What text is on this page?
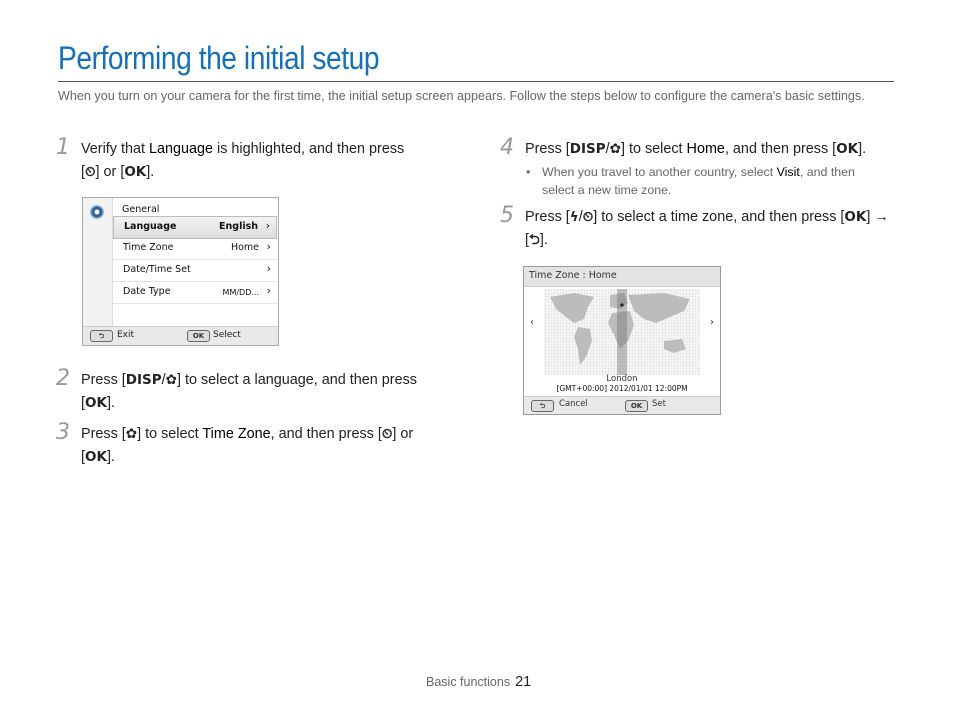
Performing the initial setup

When you turn on your camera for the first time, the initial setup screen appears. Follow the steps below to configure the camera's basic settings.

1 Verify that Language is highlighted, and then press [⏲] or [OK].
General
Language	English ›
Time Zone	Home ›
Date/Time Set	›
Date Type	MM/DD... ›
⮌	Exit	OK Select
2 Press [DISP/✿] to select a language, and then press [OK].
3 Press [✿] to select Time Zone, and then press [⏲] or [OK].
4 Press [DISP/✿] to select Home, and then press [OK].
• When you travel to another country, select Visit, and then select a new time zone.
5 Press [ϟ/⏲] to select a time zone, and then press [OK] → [⮌].
Time Zone : Home
‹	›
London
[GMT+00:00] 2012/01/01 12:00PM
⮌	Cancel	OK	Set
Basic functions 21
